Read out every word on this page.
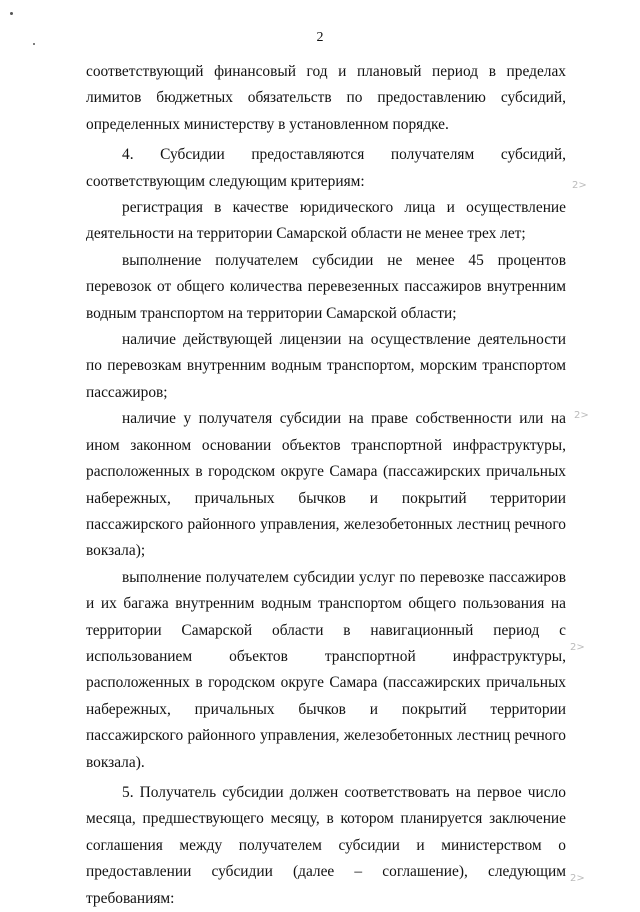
2

соответствующий финансовый год и плановый период в пределах лимитов бюджетных обязательств по предоставлению субсидий, определенных министерству в установленном порядке.

4. Субсидии предоставляются получателям субсидий, соответствующим следующим критериям:

регистрация в качестве юридического лица и осуществление деятельности на территории Самарской области не менее трех лет;

выполнение получателем субсидии не менее 45 процентов перевозок от общего количества перевезенных пассажиров внутренним водным транспортом на территории Самарской области;

наличие действующей лицензии на осуществление деятельности по перевозкам внутренним водным транспортом, морским транспортом пассажиров;

наличие у получателя субсидии на праве собственности или на ином законном основании объектов транспортной инфраструктуры, расположенных в городском округе Самара (пассажирских причальных набережных, причальных бычков и покрытий территории пассажирского районного управления, железобетонных лестниц речного вокзала);

выполнение получателем субсидии услуг по перевозке пассажиров и их багажа внутренним водным транспортом общего пользования на территории Самарской области в навигационный период с использованием объектов транспортной инфраструктуры, расположенных в городском округе Самара (пассажирских причальных набережных, причальных бычков и покрытий территории пассажирского районного управления, железобетонных лестниц речного вокзала).

5. Получатель субсидии должен соответствовать на первое число месяца, предшествующего месяцу, в котором планируется заключение соглашения между получателем субсидии и министерством о предоставлении субсидии (далее – соглашение), следующим требованиям:

2>
2>
2>
2>
